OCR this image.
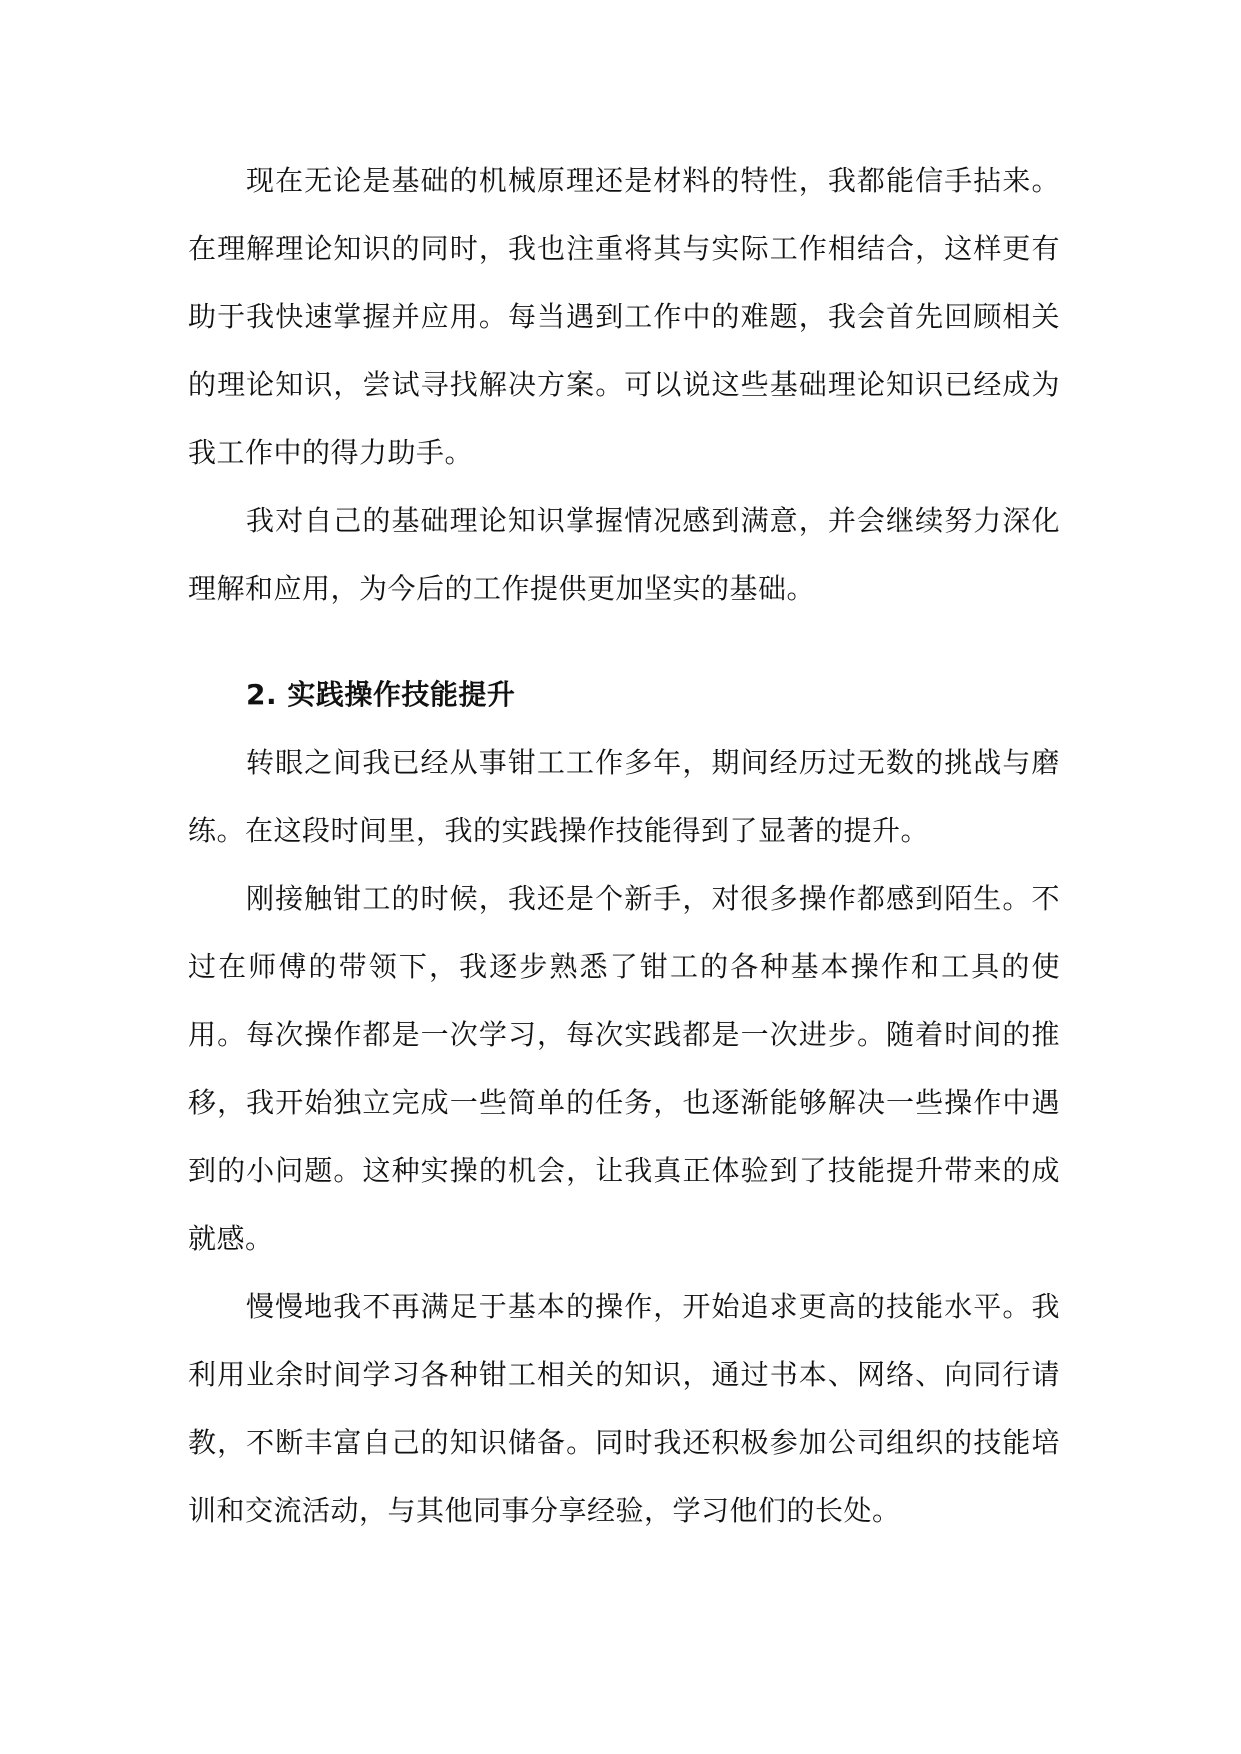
现在无论是基础的机械原理还是材料的特性，我都能信手拈来。在理解理论知识的同时，我也注重将其与实际工作相结合，这样更有助于我快速掌握并应用。每当遇到工作中的难题，我会首先回顾相关的理论知识，尝试寻找解决方案。可以说这些基础理论知识已经成为我工作中的得力助手。

我对自己的基础理论知识掌握情况感到满意，并会继续努力深化理解和应用，为今后的工作提供更加坚实的基础。

2. 实践操作技能提升

转眼之间我已经从事钳工工作多年，期间经历过无数的挑战与磨练。在这段时间里，我的实践操作技能得到了显著的提升。

刚接触钳工的时候，我还是个新手，对很多操作都感到陌生。不过在师傅的带领下，我逐步熟悉了钳工的各种基本操作和工具的使用。每次操作都是一次学习，每次实践都是一次进步。随着时间的推移，我开始独立完成一些简单的任务，也逐渐能够解决一些操作中遇到的小问题。这种实操的机会，让我真正体验到了技能提升带来的成就感。

慢慢地我不再满足于基本的操作，开始追求更高的技能水平。我利用业余时间学习各种钳工相关的知识，通过书本、网络、向同行请教，不断丰富自己的知识储备。同时我还积极参加公司组织的技能培训和交流活动，与其他同事分享经验，学习他们的长处。
